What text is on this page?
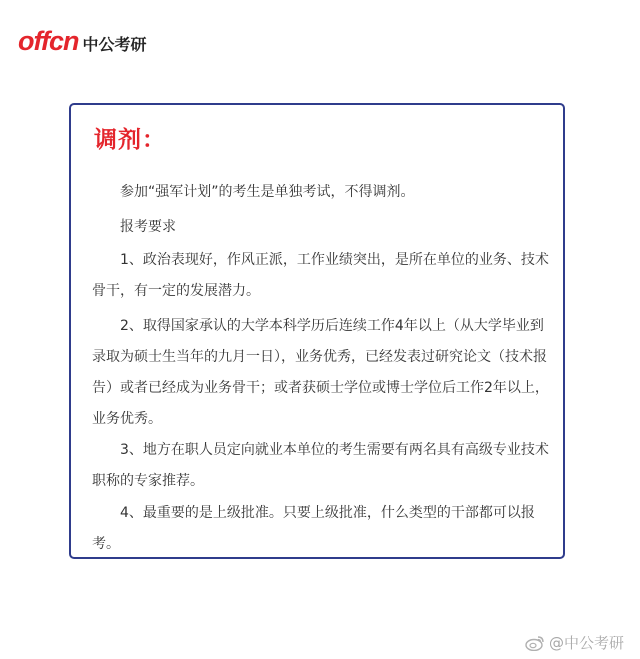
offcn 中公考研
调剂：

参加“强军计划”的考生是单独考试，不得调剂。

报考要求

1、政治表现好，作风正派，工作业绩突出，是所在单位的业务、技术骨干，有一定的发展潜力。

2、取得国家承认的大学本科学历后连续工作4年以上（从大学毕业到录取为硕士生当年的九月一日），业务优秀，已经发表过研究论文（技术报告）或者已经成为业务骨干；或者获硕士学位或博士学位后工作2年以上，业务优秀。

3、地方在职人员定向就业本单位的考生需要有两名具有高级专业技术职称的专家推荐。

4、最重要的是上级批准。只要上级批准，什么类型的干部都可以报考。

@中公考研
